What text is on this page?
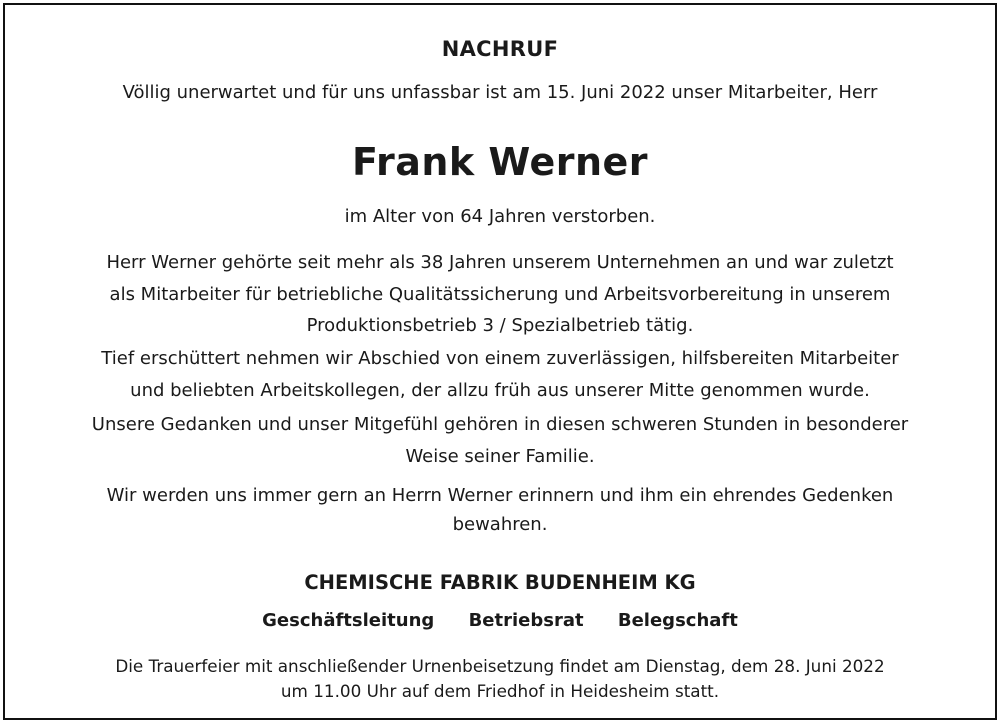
NACHRUF
Völlig unerwartet und für uns unfassbar ist am 15. Juni 2022 unser Mitarbeiter, Herr
Frank Werner
im Alter von 64 Jahren verstorben.
Herr Werner gehörte seit mehr als 38 Jahren unserem Unternehmen an und war zuletzt
als Mitarbeiter für betriebliche Qualitätssicherung und Arbeitsvorbereitung in unserem
Produktionsbetrieb 3 / Spezialbetrieb tätig.
Tief erschüttert nehmen wir Abschied von einem zuverlässigen, hilfsbereiten Mitarbeiter
und beliebten Arbeitskollegen, der allzu früh aus unserer Mitte genommen wurde.
Unsere Gedanken und unser Mitgefühl gehören in diesen schweren Stunden in besonderer
Weise seiner Familie.
Wir werden uns immer gern an Herrn Werner erinnern und ihm ein ehrendes Gedenken
bewahren.
CHEMISCHE FABRIK BUDENHEIM KG
Geschäftsleitung Betriebsrat Belegschaft
Die Trauerfeier mit anschließender Urnenbeisetzung findet am Dienstag, dem 28. Juni 2022
um 11.00 Uhr auf dem Friedhof in Heidesheim statt.
